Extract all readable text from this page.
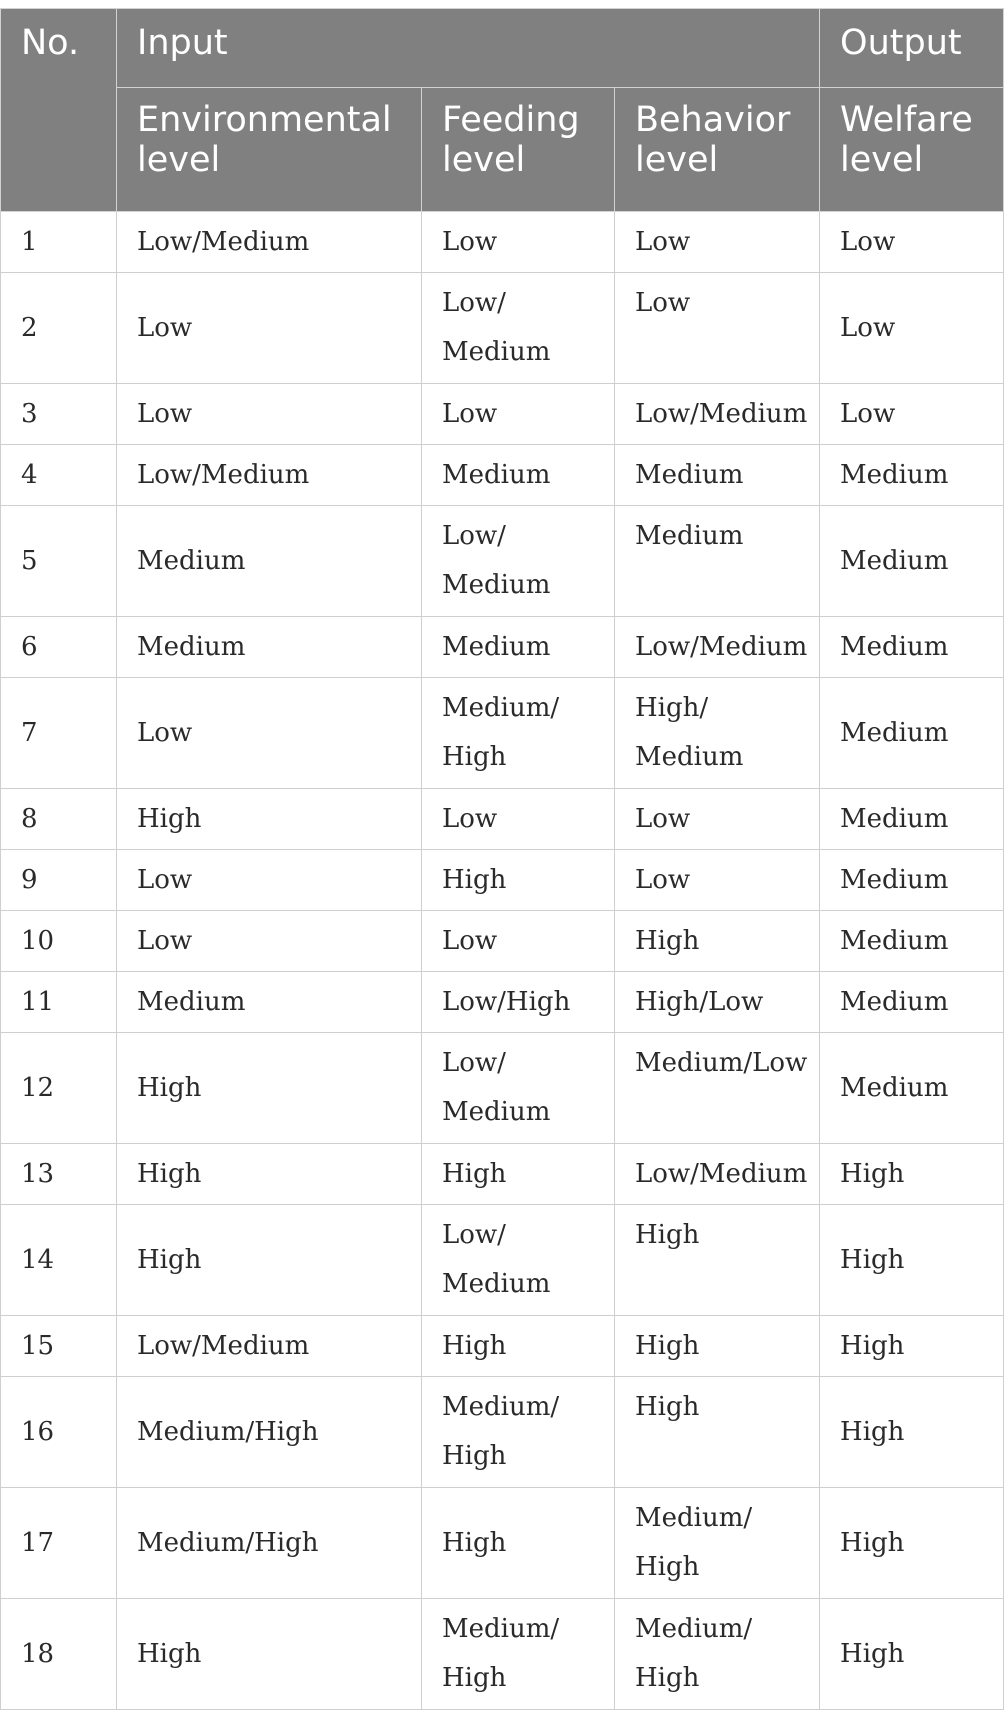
No.	Input			Output
	Environmental level	Feeding level	Behavior level	Welfare level
1	Low/Medium	Low	Low	Low
2	Low	Low/ Medium	Low	Low
3	Low	Low	Low/Medium	Low
4	Low/Medium	Medium	Medium	Medium
5	Medium	Low/ Medium	Medium	Medium
6	Medium	Medium	Low/Medium	Medium
7	Low	Medium/ High	High/ Medium	Medium
8	High	Low	Low	Medium
9	Low	High	Low	Medium
10	Low	Low	High	Medium
11	Medium	Low/High	High/Low	Medium
12	High	Low/ Medium	Medium/Low	Medium
13	High	High	Low/Medium	High
14	High	Low/ Medium	High	High
15	Low/Medium	High	High	High
16	Medium/High	Medium/ High	High	High
17	Medium/High	High	Medium/ High	High
18	High	Medium/ High	Medium/ High	High
